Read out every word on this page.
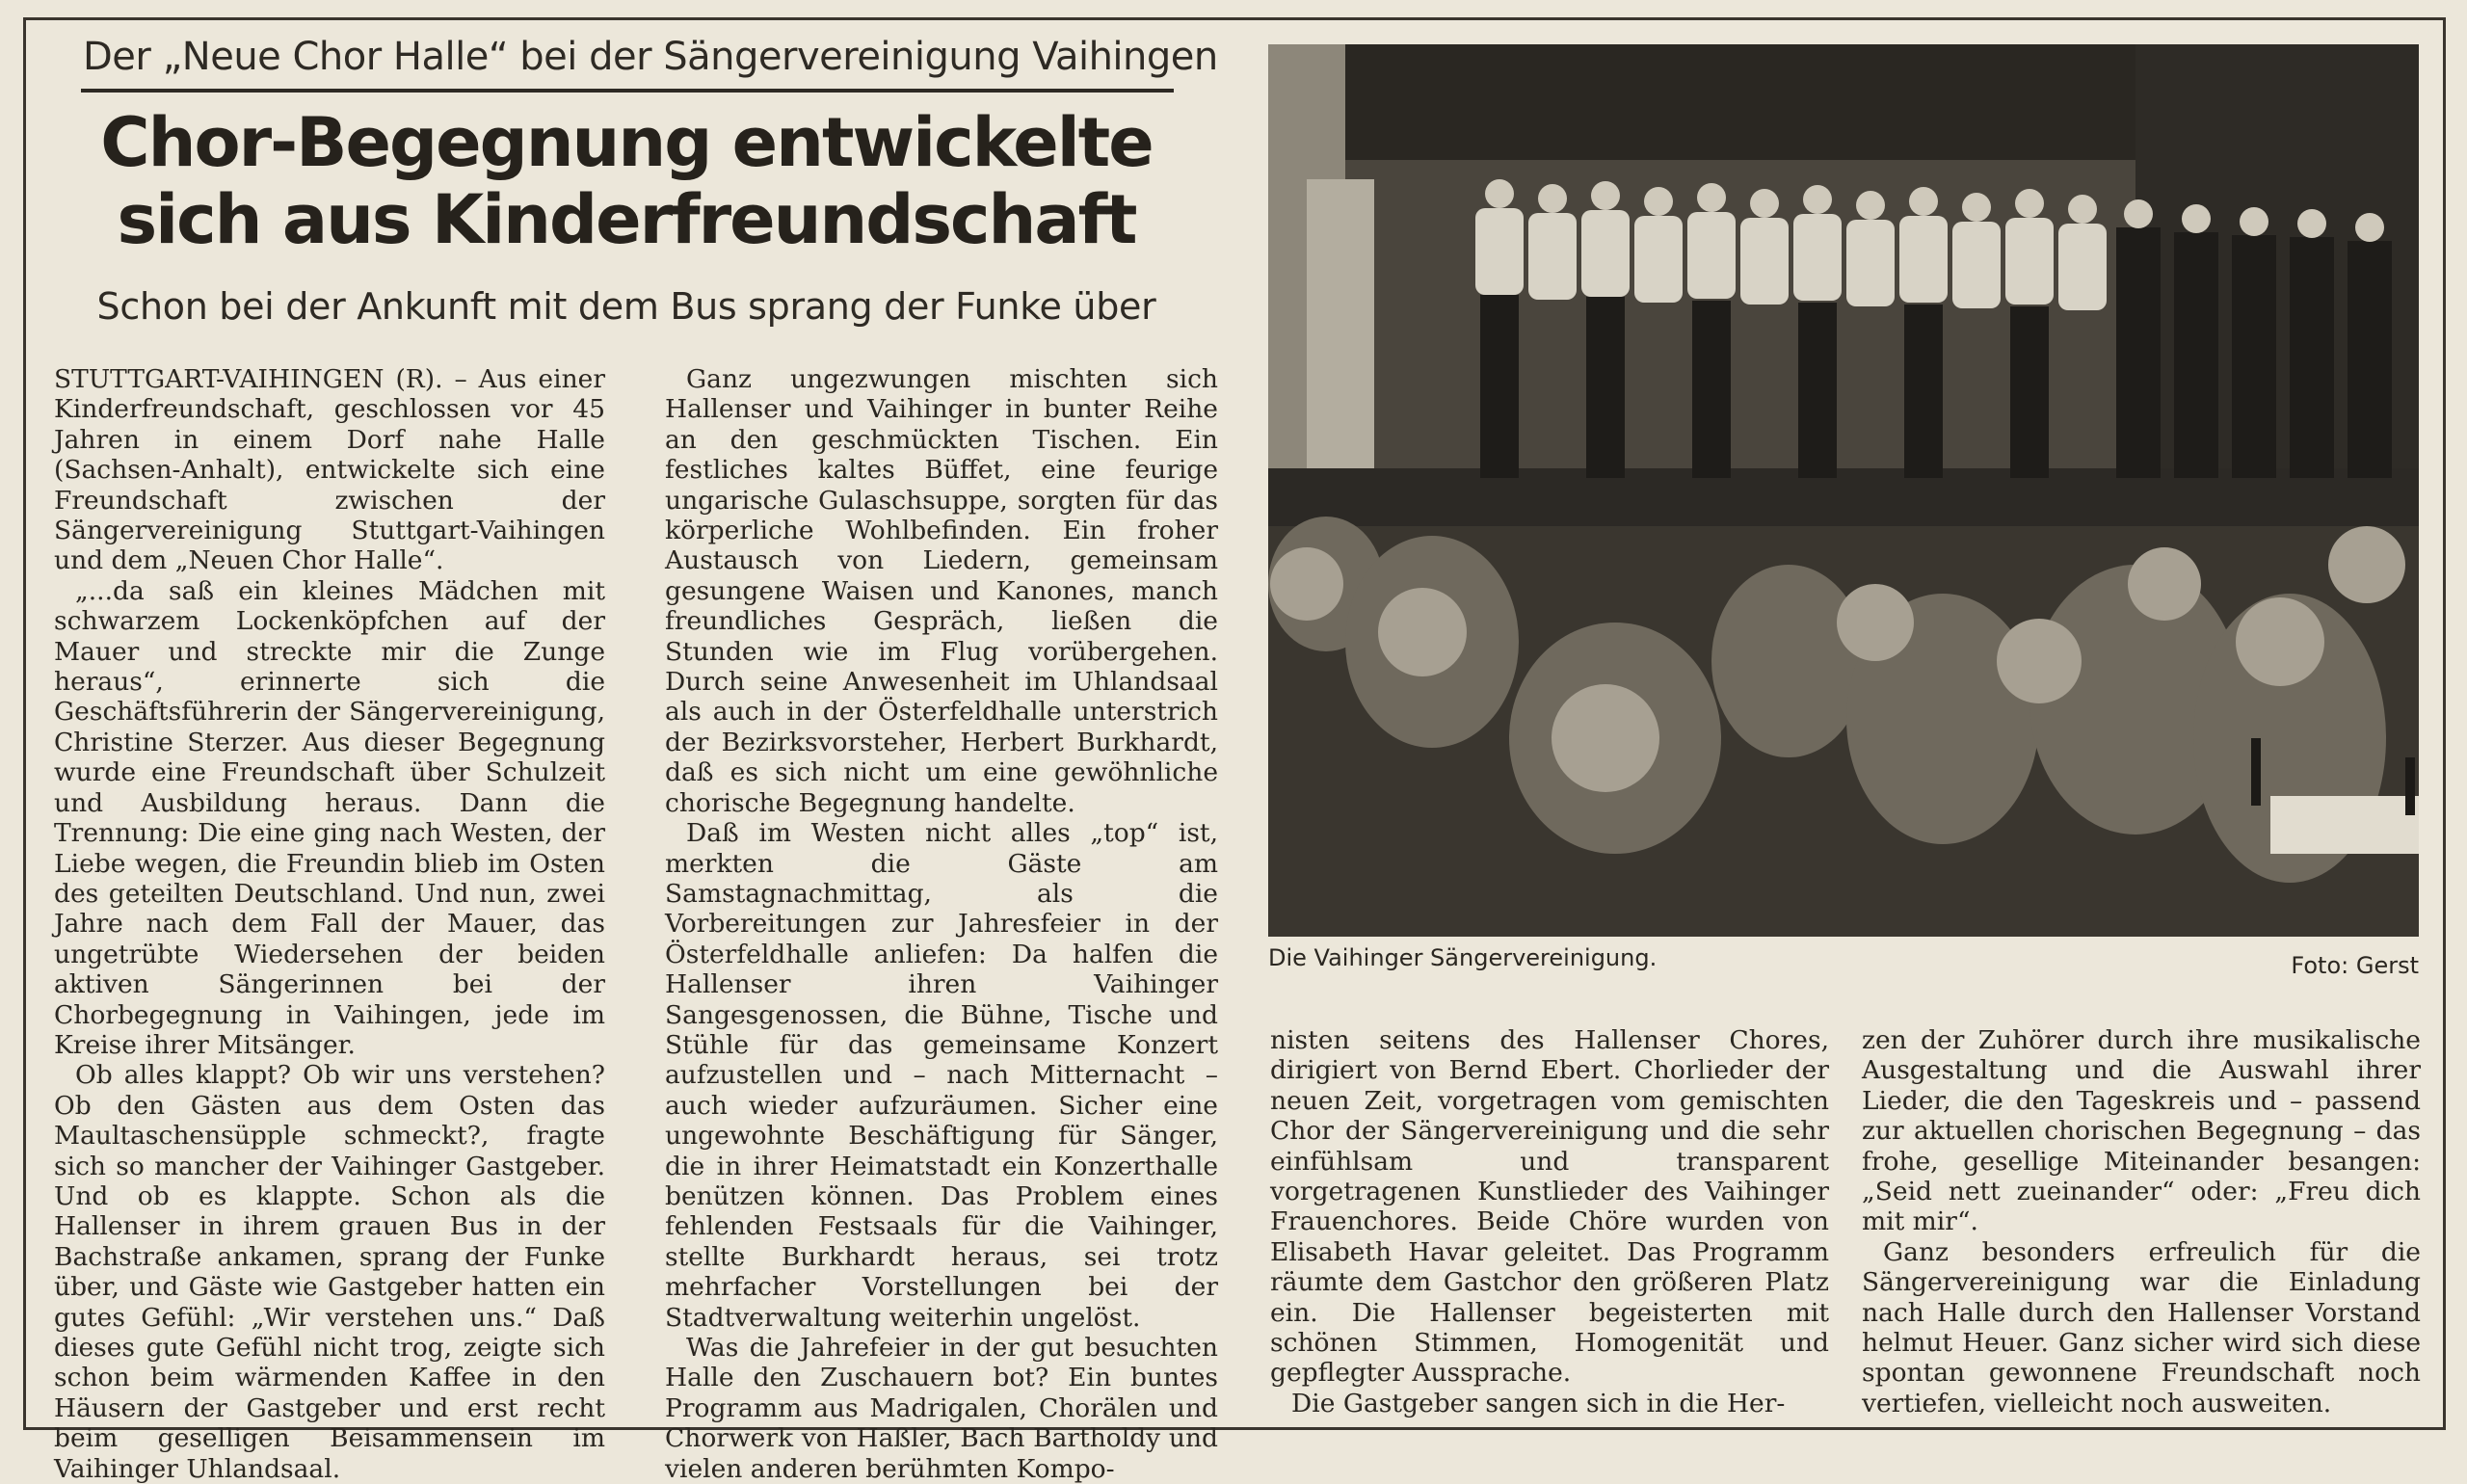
Der „Neue Chor Halle“ bei der Sängervereinigung Vaihingen
Chor-Begegnung entwickelte
sich aus Kinderfreundschaft
Schon bei der Ankunft mit dem Bus sprang der Funke über

STUTTGART-VAIHINGEN (R). – Aus einer Kinderfreundschaft, geschlossen vor 45 Jahren in einem Dorf nahe Halle (Sachsen-Anhalt), entwickelte sich eine Freundschaft zwischen der Sängervereinigung Stuttgart-Vaihingen und dem „Neuen Chor Halle“.

„...da saß ein kleines Mädchen mit schwarzem Lockenköpfchen auf der Mauer und streckte mir die Zunge heraus“, erinnerte sich die Geschäftsführerin der Sängervereinigung, Christine Sterzer. Aus dieser Begegnung wurde eine Freundschaft über Schulzeit und Ausbildung heraus. Dann die Trennung: Die eine ging nach Westen, der Liebe wegen, die Freundin blieb im Osten des geteilten Deutschland. Und nun, zwei Jahre nach dem Fall der Mauer, das ungetrübte Wiedersehen der beiden aktiven Sängerinnen bei der Chorbegegnung in Vaihingen, jede im Kreise ihrer Mitsänger.

Ob alles klappt? Ob wir uns verstehen? Ob den Gästen aus dem Osten das Maultaschensüpple schmeckt?, fragte sich so mancher der Vaihinger Gastgeber. Und ob es klappte. Schon als die Hallenser in ihrem grauen Bus in der Bachstraße ankamen, sprang der Funke über, und Gäste wie Gastgeber hatten ein gutes Gefühl: „Wir verstehen uns.“ Daß dieses gute Gefühl nicht trog, zeigte sich schon beim wärmenden Kaffee in den Häusern der Gastgeber und erst recht beim geselligen Beisammensein im Vaihinger Uhlandsaal.

Ganz ungezwungen mischten sich Hallenser und Vaihinger in bunter Reihe an den geschmückten Tischen. Ein festliches kaltes Büffet, eine feurige ungarische Gulaschsuppe, sorgten für das körperliche Wohlbefinden. Ein froher Austausch von Liedern, gemeinsam gesungene Waisen und Kanones, manch freundliches Gespräch, ließen die Stunden wie im Flug vorübergehen. Durch seine Anwesenheit im Uhlandsaal als auch in der Österfeldhalle unterstrich der Bezirksvorsteher, Herbert Burkhardt, daß es sich nicht um eine gewöhnliche chorische Begegnung handelte.

Daß im Westen nicht alles „top“ ist, merkten die Gäste am Samstagnachmittag, als die Vorbereitungen zur Jahresfeier in der Österfeldhalle anliefen: Da halfen die Hallenser ihren Vaihinger Sangesgenossen, die Bühne, Tische und Stühle für das gemeinsame Konzert aufzustellen und – nach Mitternacht – auch wieder aufzuräumen. Sicher eine ungewohnte Beschäftigung für Sänger, die in ihrer Heimatstadt ein Konzerthalle benützen können. Das Problem eines fehlenden Festsaals für die Vaihinger, stellte Burkhardt heraus, sei trotz mehrfacher Vorstellungen bei der Stadtverwaltung weiterhin ungelöst.

Was die Jahrefeier in der gut besuchten Halle den Zuschauern bot? Ein buntes Programm aus Madrigalen, Chorälen und Chorwerk von Haßler, Bach Bartholdy und vielen anderen berühmten Kompo-

Die Vaihinger Sängervereinigung.	Foto: Gerst

nisten seitens des Hallenser Chores, dirigiert von Bernd Ebert. Chorlieder der neuen Zeit, vorgetragen vom gemischten Chor der Sängervereinigung und die sehr einfühlsam und transparent vorgetragenen Kunstlieder des Vaihinger Frauenchores. Beide Chöre wurden von Elisabeth Havar geleitet. Das Programm räumte dem Gastchor den größeren Platz ein. Die Hallenser begeisterten mit schönen Stimmen, Homogenität und gepflegter Aussprache.

Die Gastgeber sangen sich in die Her-

zen der Zuhörer durch ihre musikalische Ausgestaltung und die Auswahl ihrer Lieder, die den Tageskreis und – passend zur aktuellen chorischen Begegnung – das frohe, gesellige Miteinander besangen: „Seid nett zueinander“ oder: „Freu dich mit mir“.

Ganz besonders erfreulich für die Sängervereinigung war die Einladung nach Halle durch den Hallenser Vorstand helmut Heuer. Ganz sicher wird sich diese spontan gewonnene Freundschaft noch vertiefen, vielleicht noch ausweiten.
